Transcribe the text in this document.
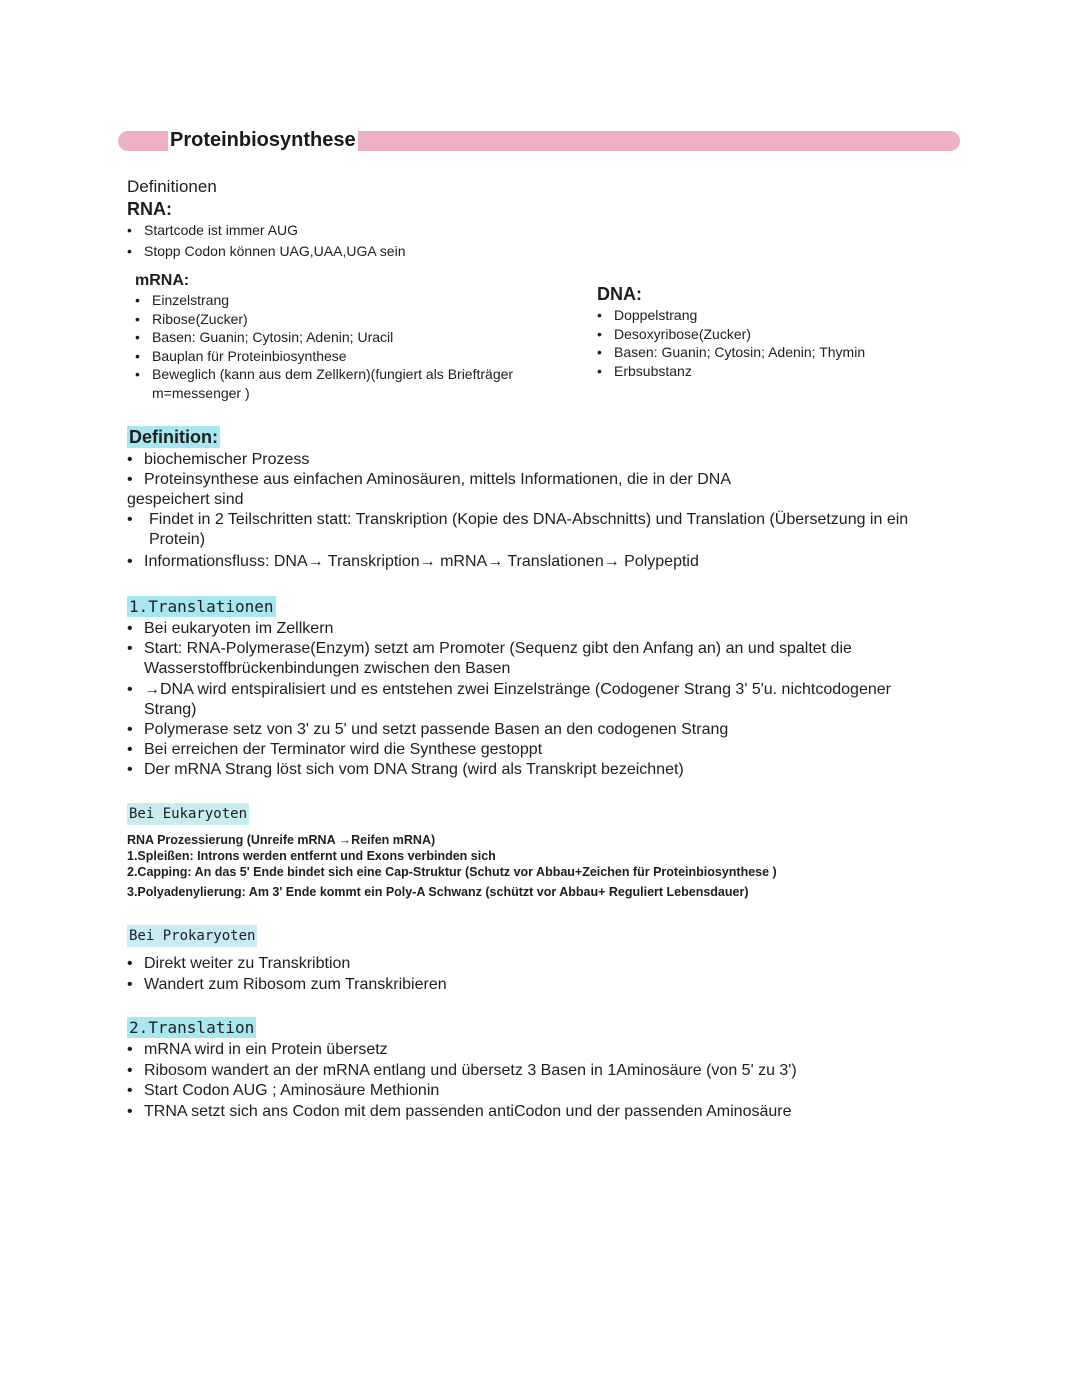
Proteinbiosynthese
Definitionen
RNA:
• Startcode ist immer AUG
• Stopp Codon können UAG,UAA,UGA sein
mRNA:
• Einzelstrang
• Ribose(Zucker)
• Basen: Guanin; Cytosin; Adenin; Uracil
• Bauplan für Proteinbiosynthese
• Beweglich (kann aus dem Zellkern)(fungiert als Briefträger m=messenger )
DNA:
• Doppelstrang
• Desoxyribose(Zucker)
• Basen: Guanin; Cytosin; Adenin; Thymin
• Erbsubstanz
Definition:
• biochemischer Prozess
• Proteinsynthese aus einfachen Aminosäuren, mittels Informationen, die in der DNA
gespeichert sind
• Findet in 2 Teilschritten statt: Transkription (Kopie des DNA-Abschnitts) und Translation (Übersetzung in ein Protein)
• Informationsfluss: DNA→ Transkription→ mRNA→ Translationen→ Polypeptid
1.Translationen
• Bei eukaryoten im Zellkern
• Start: RNA-Polymerase(Enzym) setzt am Promoter (Sequenz gibt den Anfang an) an und spaltet die Wasserstoffbrückenbindungen zwischen den Basen
• →DNA wird entspiralisiert und es entstehen zwei Einzelstränge (Codogener Strang 3' 5'u. nichtcodogener Strang)
• Polymerase setz von 3' zu 5' und setzt passende Basen an den codogenen Strang
• Bei erreichen der Terminator wird die Synthese gestoppt
• Der mRNA Strang löst sich vom DNA Strang (wird als Transkript bezeichnet)
Bei Eukaryoten
RNA Prozessierung (Unreife mRNA →Reifen mRNA)
1.Spleißen: Introns werden entfernt und Exons verbinden sich
2.Capping: An das 5' Ende bindet sich eine Cap-Struktur (Schutz vor Abbau+Zeichen für Proteinbiosynthese )
3.Polyadenylierung: Am 3' Ende kommt ein Poly-A Schwanz (schützt vor Abbau+ Reguliert Lebensdauer)
Bei Prokaryoten
• Direkt weiter zu Transkribtion
• Wandert zum Ribosom zum Transkribieren
2.Translation
• mRNA wird in ein Protein übersetz
• Ribosom wandert an der mRNA entlang und übersetz 3 Basen in 1Aminosäure (von 5' zu 3')
• Start Codon AUG ; Aminosäure Methionin
• TRNA setzt sich ans Codon mit dem passenden antiCodon und der passenden Aminosäure
